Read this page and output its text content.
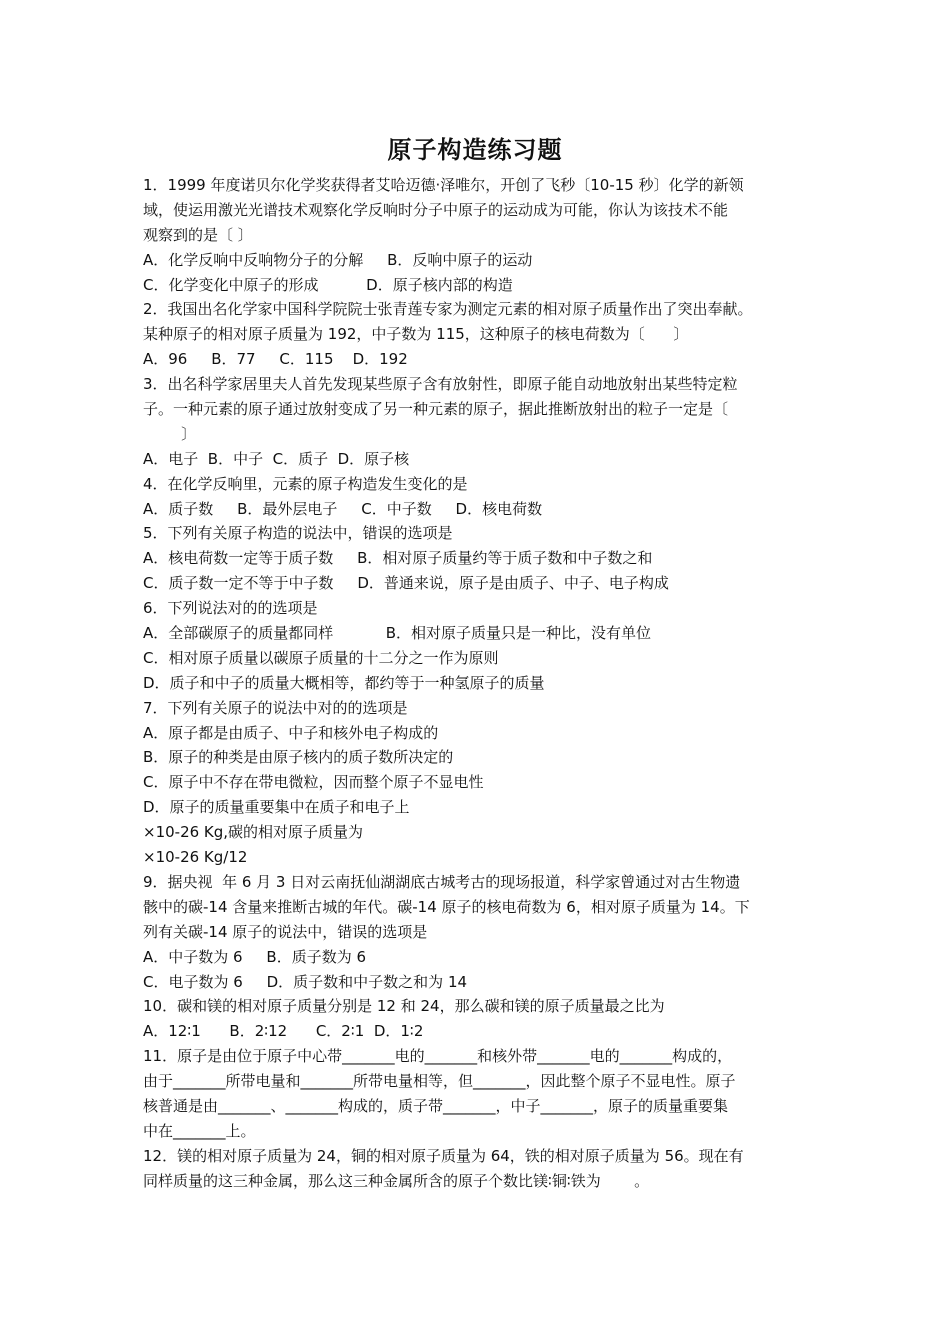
原子构造练习题
1．1999 年度诺贝尔化学奖获得者艾哈迈德·泽唯尔，开创了飞秒〔10-15 秒〕化学的新领
域，使运用激光光谱技术观察化学反响时分子中原子的运动成为可能，你认为该技术不能
观察到的是〔 〕
A．化学反响中反响物分子的分解     B．反响中原子的运动
C．化学变化中原子的形成          D．原子核内部的构造
2．我国出名化学家中国科学院院士张青莲专家为测定元素的相对原子质量作出了突出奉献。
某种原子的相对原子质量为 192，中子数为 115，这种原子的核电荷数为〔      〕
A．96     B．77     C．115    D．192
3．出名科学家居里夫人首先发现某些原子含有放射性，即原子能自动地放射出某些特定粒
子。一种元素的原子通过放射变成了另一种元素的原子，据此推断放射出的粒子一定是〔
〕
A．电子  B．中子  C．质子  D．原子核
4．在化学反响里，元素的原子构造发生变化的是
A．质子数     B．最外层电子     C．中子数     D．核电荷数
5．下列有关原子构造的说法中，错误的选项是
A．核电荷数一定等于质子数     B．相对原子质量约等于质子数和中子数之和
C．质子数一定不等于中子数     D．普通来说，原子是由质子、中子、电子构成
6．下列说法对的的选项是
A．全部碳原子的质量都同样           B．相对原子质量只是一种比，没有单位
C．相对原子质量以碳原子质量的十二分之一作为原则
D．质子和中子的质量大概相等，都约等于一种氢原子的质量
7．下列有关原子的说法中对的的选项是
A．原子都是由质子、中子和核外电子构成的
B．原子的种类是由原子核内的质子数所决定的
C．原子中不存在带电微粒，因而整个原子不显电性
D．原子的质量重要集中在质子和电子上
×10-26 Kg,碳的相对原子质量为
×10-26 Kg/12
9．据央视  年 6 月 3 日对云南抚仙湖湖底古城考古的现场报道，科学家曾通过对古生物遗
骸中的碳-14 含量来推断古城的年代。碳-14 原子的核电荷数为 6，相对原子质量为 14。下
列有关碳-14 原子的说法中，错误的选项是
A．中子数为 6     B．质子数为 6
C．电子数为 6     D．质子数和中子数之和为 14
10．碳和镁的相对原子质量分别是 12 和 24，那么碳和镁的原子质量最之比为
A．12∶1      B．2∶12      C．2∶1  D．1∶2
11．原子是由位于原子中心带_______电的_______和核外带_______电的_______构成的，
由于_______所带电量和_______所带电量相等，但_______，因此整个原子不显电性。原子
核普通是由_______、_______构成的，质子带_______，中子_______，原子的质量重要集
中在_______上。
12．镁的相对原子质量为 24，铜的相对原子质量为 64，铁的相对原子质量为 56。现在有
同样质量的这三种金属，那么这三种金属所含的原子个数比镁∶铜∶铁为       。
